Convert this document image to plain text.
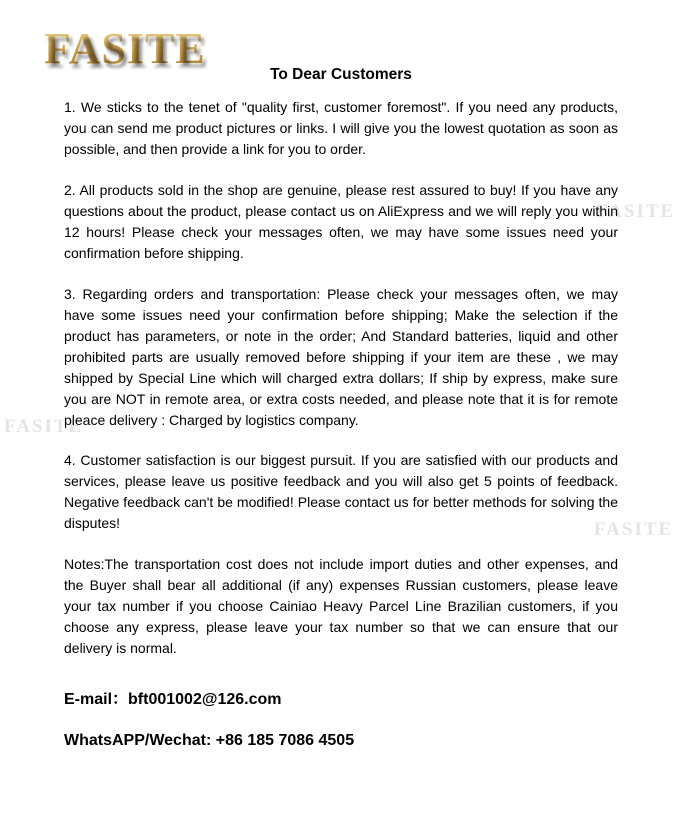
FASITE
FASITE
FASITE
FASITE
To Dear Customers

1. We sticks to the tenet of "quality first, customer foremost". If you need any products, you can send me product pictures or links. I will give you the lowest quotation as soon as possible, and then provide a link for you to order.

2. All products sold in the shop are genuine, please rest assured to buy! If you have any questions about the product, please contact us on AliExpress and we will reply you within 12 hours! Please check your messages often, we may have some issues need your confirmation before shipping.

3. Regarding orders and transportation: Please check your messages often, we may have some issues need your confirmation before shipping; Make the selection if the product has parameters, or note in the order; And Standard batteries, liquid and other prohibited parts are usually removed before shipping if your item are these , we may shipped by Special Line which will charged extra dollars; If ship by express, make sure you are NOT in remote area, or extra costs needed, and please note that it is for remote pleace delivery : Charged by logistics company.

4. Customer satisfaction is our biggest pursuit. If you are satisfied with our products and services, please leave us positive feedback and you will also get 5 points of feedback. Negative feedback can't be modified! Please contact us for better methods for solving the disputes!

Notes:The transportation cost does not include import duties and other expenses, and the Buyer shall bear all additional (if any) expenses Russian customers, please leave your tax number if you choose Cainiao Heavy Parcel Line Brazilian customers, if you choose any express, please leave your tax number so that we can ensure that our delivery is normal.

E-mail：bft001002@126.com
WhatsAPP/Wechat: +86 185 7086 4505
